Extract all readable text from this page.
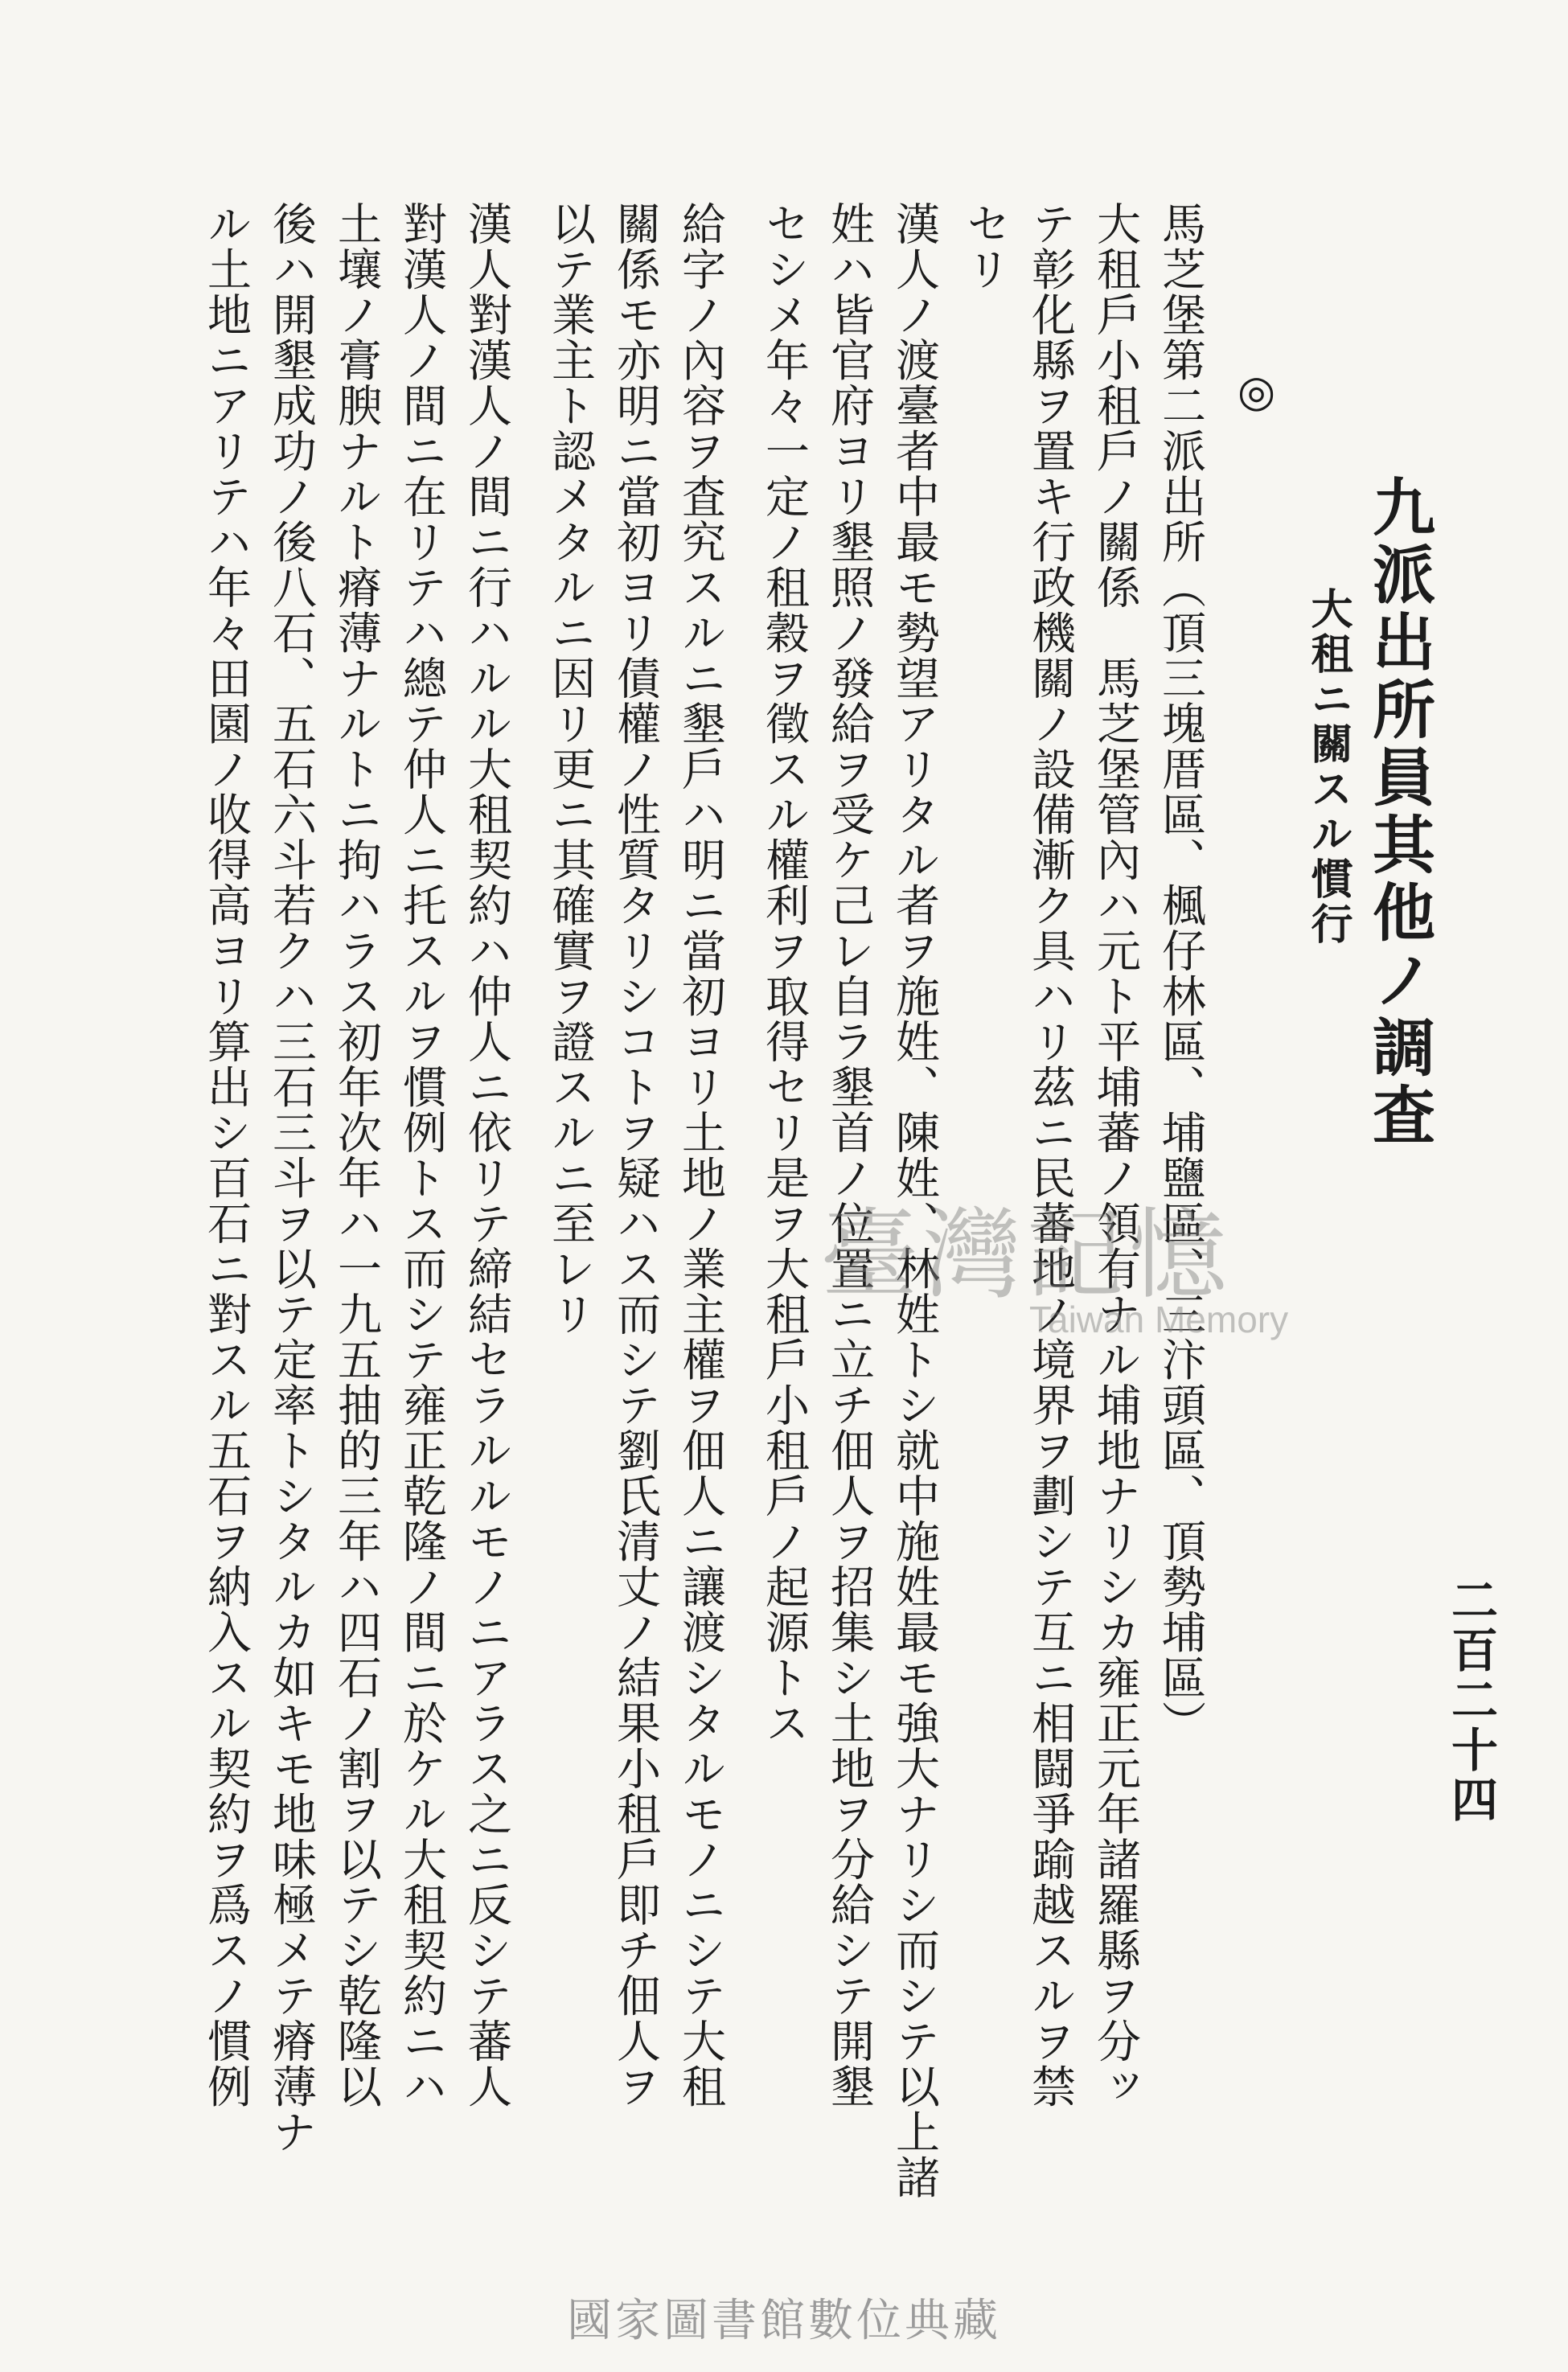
九派出所員其他ノ調査
大租ニ關スル慣行
二百二十四
◎
馬芝堡第二派出所（頂三塊厝區、楓仔林區、埔鹽區、三汴頭區、頂勢埔區）
大租戶小租戶ノ關係　馬芝堡管內ハ元ト平埔蕃ノ領有ナル埔地ナリシカ雍正元年諸羅縣ヲ分ッ
テ彰化縣ヲ置キ行政機關ノ設備漸ク具ハリ茲ニ民蕃地ノ境界ヲ劃シテ互ニ相闘爭踰越スルヲ禁
セリ
漢人ノ渡臺者中最モ勢望アリタル者ヲ施姓、陳姓、林姓トシ就中施姓最モ強大ナリシ而シテ以上諸
姓ハ皆官府ヨリ墾照ノ發給ヲ受ケ己レ自ラ墾首ノ位置ニ立チ佃人ヲ招集シ土地ヲ分給シテ開墾
セシメ年々一定ノ租穀ヲ徵スル權利ヲ取得セリ是ヲ大租戶小租戶ノ起源トス
給字ノ內容ヲ査究スルニ墾戶ハ明ニ當初ヨリ土地ノ業主權ヲ佃人ニ讓渡シタルモノニシテ大租
關係モ亦明ニ當初ヨリ債權ノ性質タリシコトヲ疑ハス而シテ劉氏清丈ノ結果小租戶即チ佃人ヲ
以テ業主ト認メタルニ因リ更ニ其確實ヲ證スルニ至レリ
漢人對漢人ノ間ニ行ハルル大租契約ハ仲人ニ依リテ締結セラルルモノニアラス之ニ反シテ蕃人
對漢人ノ間ニ在リテハ總テ仲人ニ托スルヲ慣例トス而シテ雍正乾隆ノ間ニ於ケル大租契約ニハ
土壤ノ膏腴ナルト瘠薄ナルトニ拘ハラス初年次年ハ一九五抽的三年ハ四石ノ割ヲ以テシ乾隆以
後ハ開墾成功ノ後八石、五石六斗若クハ三石三斗ヲ以テ定率トシタルカ如キモ地味極メテ瘠薄ナ
ル土地ニアリテハ年々田園ノ收得高ヨリ算出シ百石ニ對スル五石ヲ納入スル契約ヲ爲スノ慣例	臺灣記憶
Taiwan Memory
國家圖書館數位典藏
